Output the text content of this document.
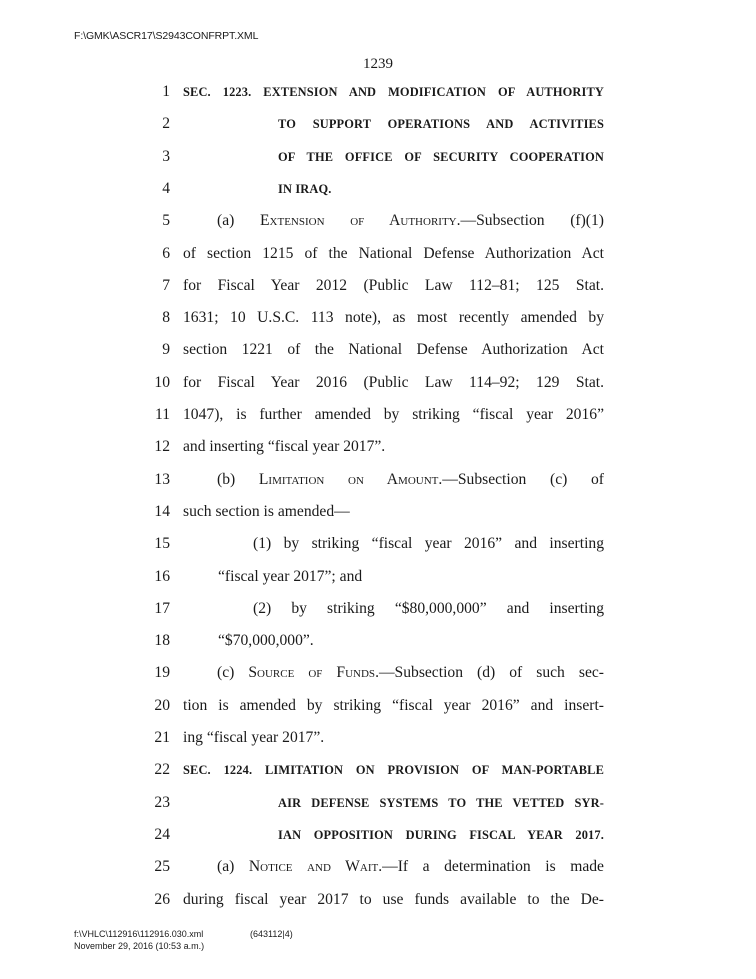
F:\GMK\ASCR17\S2943CONFRPT.XML
1239
1 SEC. 1223. EXTENSION AND MODIFICATION OF AUTHORITY
2	TO SUPPORT OPERATIONS AND ACTIVITIES
3	OF THE OFFICE OF SECURITY COOPERATION
4	IN IRAQ.
5	(a) Extension of Authority.—Subsection (f)(1)
6 of section 1215 of the National Defense Authorization Act
7 for Fiscal Year 2012 (Public Law 112–81; 125 Stat.
8 1631; 10 U.S.C. 113 note), as most recently amended by
9 section 1221 of the National Defense Authorization Act
10 for Fiscal Year 2016 (Public Law 114–92; 129 Stat.
11 1047), is further amended by striking “fiscal year 2016”
12 and inserting “fiscal year 2017”.
13	(b) Limitation on Amount.—Subsection (c) of
14 such section is amended—
15	(1) by striking “fiscal year 2016” and inserting
16	“fiscal year 2017”; and
17	(2) by striking “$80,000,000” and inserting
18	“$70,000,000”.
19	(c) Source of Funds.—Subsection (d) of such sec-
20 tion is amended by striking “fiscal year 2016” and insert-
21 ing “fiscal year 2017”.
22 SEC. 1224. LIMITATION ON PROVISION OF MAN-PORTABLE
23	AIR DEFENSE SYSTEMS TO THE VETTED SYR-
24	IAN OPPOSITION DURING FISCAL YEAR 2017.
25	(a) Notice and Wait.—If a determination is made
26 during fiscal year 2017 to use funds available to the De-
f:\VHLC\112916\112916.030.xml
November 29, 2016 (10:53 a.m.)
(643112|4)
